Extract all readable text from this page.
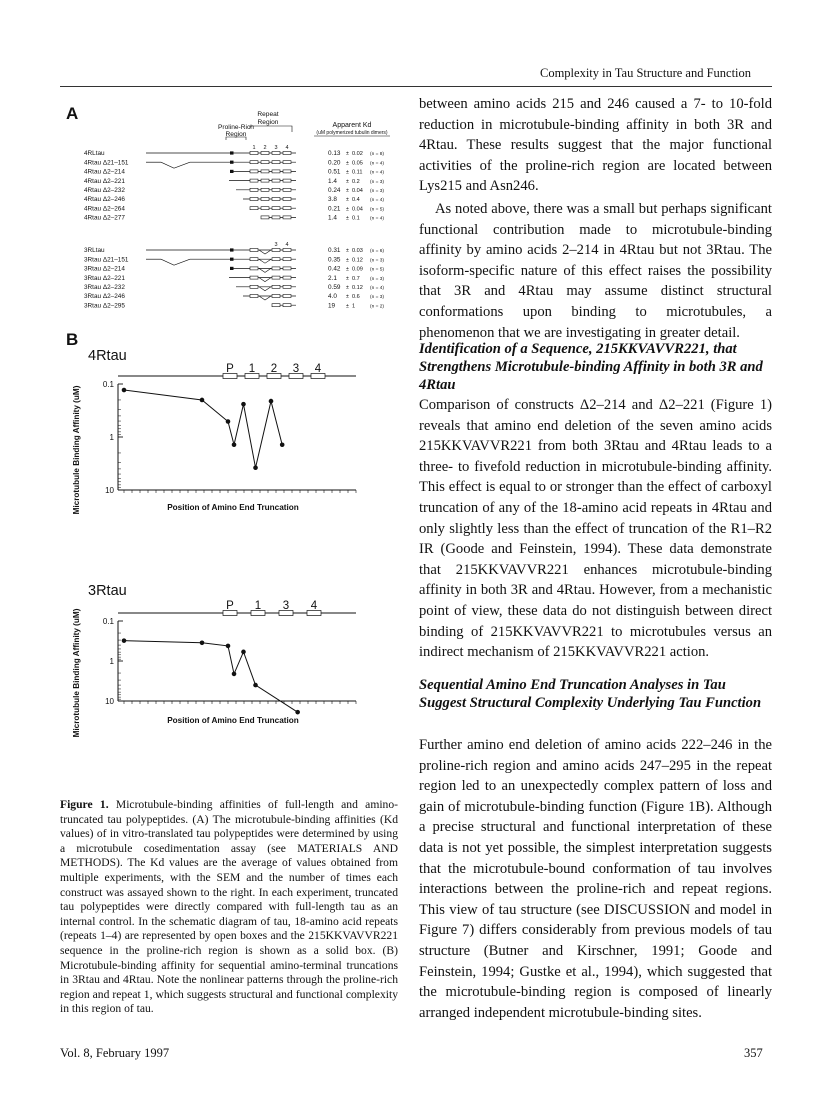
Complexity in Tau Structure and Function
A
Proline-Rich
Region
Repeat
Region	Apparent Kd
(uM polymerized tubulin dimers)
1 2 3 4
4RLtau	0.13 ± 0.02 (n = 8)
4Rtau Δ21–151	0.20 ± 0.05 (n = 4)
4Rtau Δ2–214	0.51 ± 0.11 (n = 4)
4Rtau Δ2–221	1.4 ± 0.2 (n = 3)
4Rtau Δ2–232	0.24 ± 0.04 (n = 3)
4Rtau Δ2–246	3.8 ± 0.4 (n = 4)
4Rtau Δ2–264	0.21 ± 0.04 (n = 5)
4Rtau Δ2–277	1.4 ± 0.1 (n = 4)
3 4
3RLtau	0.31 ± 0.03 (n = 6)
3Rtau Δ21–151	0.35 ± 0.12 (n = 3)
3Rtau Δ2–214	0.42 ± 0.09 (n = 5)
3Rtau Δ2–221	2.1 ± 0.7 (n = 3)
3Rtau Δ2–232	0.59 ± 0.12 (n = 4)
3Rtau Δ2–246	4.0 ± 0.6 (n = 3)
3Rtau Δ2–295	19 ± 1	(n = 2)
B
4Rtau
P 1 2 3 4
0.1
1
10
Microtubule Binding Affinity (uM)	Position of Amino End Truncation
3Rtau
P 1 3 4
0.1
1
10
Microtubule Binding Affinity (uM)	Position of Amino End Truncation
Figure 1. Microtubule-binding affinities of full-length and amino-truncated tau polypeptides. (A) The microtubule-binding affinities (Kd values) of in vitro-translated tau polypeptides were determined by using a microtubule cosedimentation assay (see MATERIALS AND METHODS). The Kd values are the average of values obtained from multiple experiments, with the SEM and the number of times each construct was assayed shown to the right. In each experiment, truncated tau polypeptides were directly compared with full-length tau as an internal control. In the schematic diagram of tau, 18-amino acid repeats (repeats 1–4) are represented by open boxes and the 215KKVAVVR221 sequence in the proline-rich region is shown as a solid box. (B) Microtubule-binding affinity for sequential amino-terminal truncations in 3Rtau and 4Rtau. Note the nonlinear patterns through the proline-rich region and repeat 1, which suggests structural and functional complexity in this region of tau.

between amino acids 215 and 246 caused a 7- to 10-fold reduction in microtubule-binding affinity in both 3R and 4Rtau. These results suggest that the major functional activities of the proline-rich region are located between Lys215 and Asn246.

As noted above, there was a small but perhaps significant functional contribution made to microtubule-binding affinity by amino acids 2–214 in 4Rtau but not 3Rtau. The isoform-specific nature of this effect raises the possibility that 3R and 4Rtau may assume distinct structural conformations upon binding to microtubules, a phenomenon that we are investigating in greater detail.

Identification of a Sequence, 215KKVAVVR221, that Strengthens Microtubule-binding Affinity in both 3R and 4Rtau

Comparison of constructs Δ2–214 and Δ2–221 (Figure 1) reveals that amino end deletion of the seven amino acids 215KKVAVVR221 from both 3Rtau and 4Rtau leads to a three- to fivefold reduction in microtubule-binding affinity. This effect is equal to or stronger than the effect of carboxyl truncation of any of the 18-amino acid repeats in 4Rtau and only slightly less than the effect of truncation of the R1–R2 IR (Goode and Feinstein, 1994). These data demonstrate that 215KKVAVVR221 enhances microtubule-binding affinity in both 3R and 4Rtau. However, from a mechanistic point of view, these data do not distinguish between direct binding of 215KKVAVVR221 to microtubules versus an indirect mechanism of 215KKVAVVR221 action.

Sequential Amino End Truncation Analyses in Tau Suggest Structural Complexity Underlying Tau Function

Further amino end deletion of amino acids 222–246 in the proline-rich region and amino acids 247–295 in the repeat region led to an unexpectedly complex pattern of loss and gain of microtubule-binding function (Figure 1B). Although a precise structural and functional interpretation of these data is not yet possible, the simplest interpretation suggests that the microtubule-bound conformation of tau involves interactions between the proline-rich and repeat regions. This view of tau structure (see DISCUSSION and model in Figure 7) differs considerably from previous models of tau structure (Butner and Kirschner, 1991; Goode and Feinstein, 1994; Gustke et al., 1994), which suggested that the microtubule-binding region is composed of linearly arranged independent microtubule-binding sites.

Vol. 8, February 1997	357
